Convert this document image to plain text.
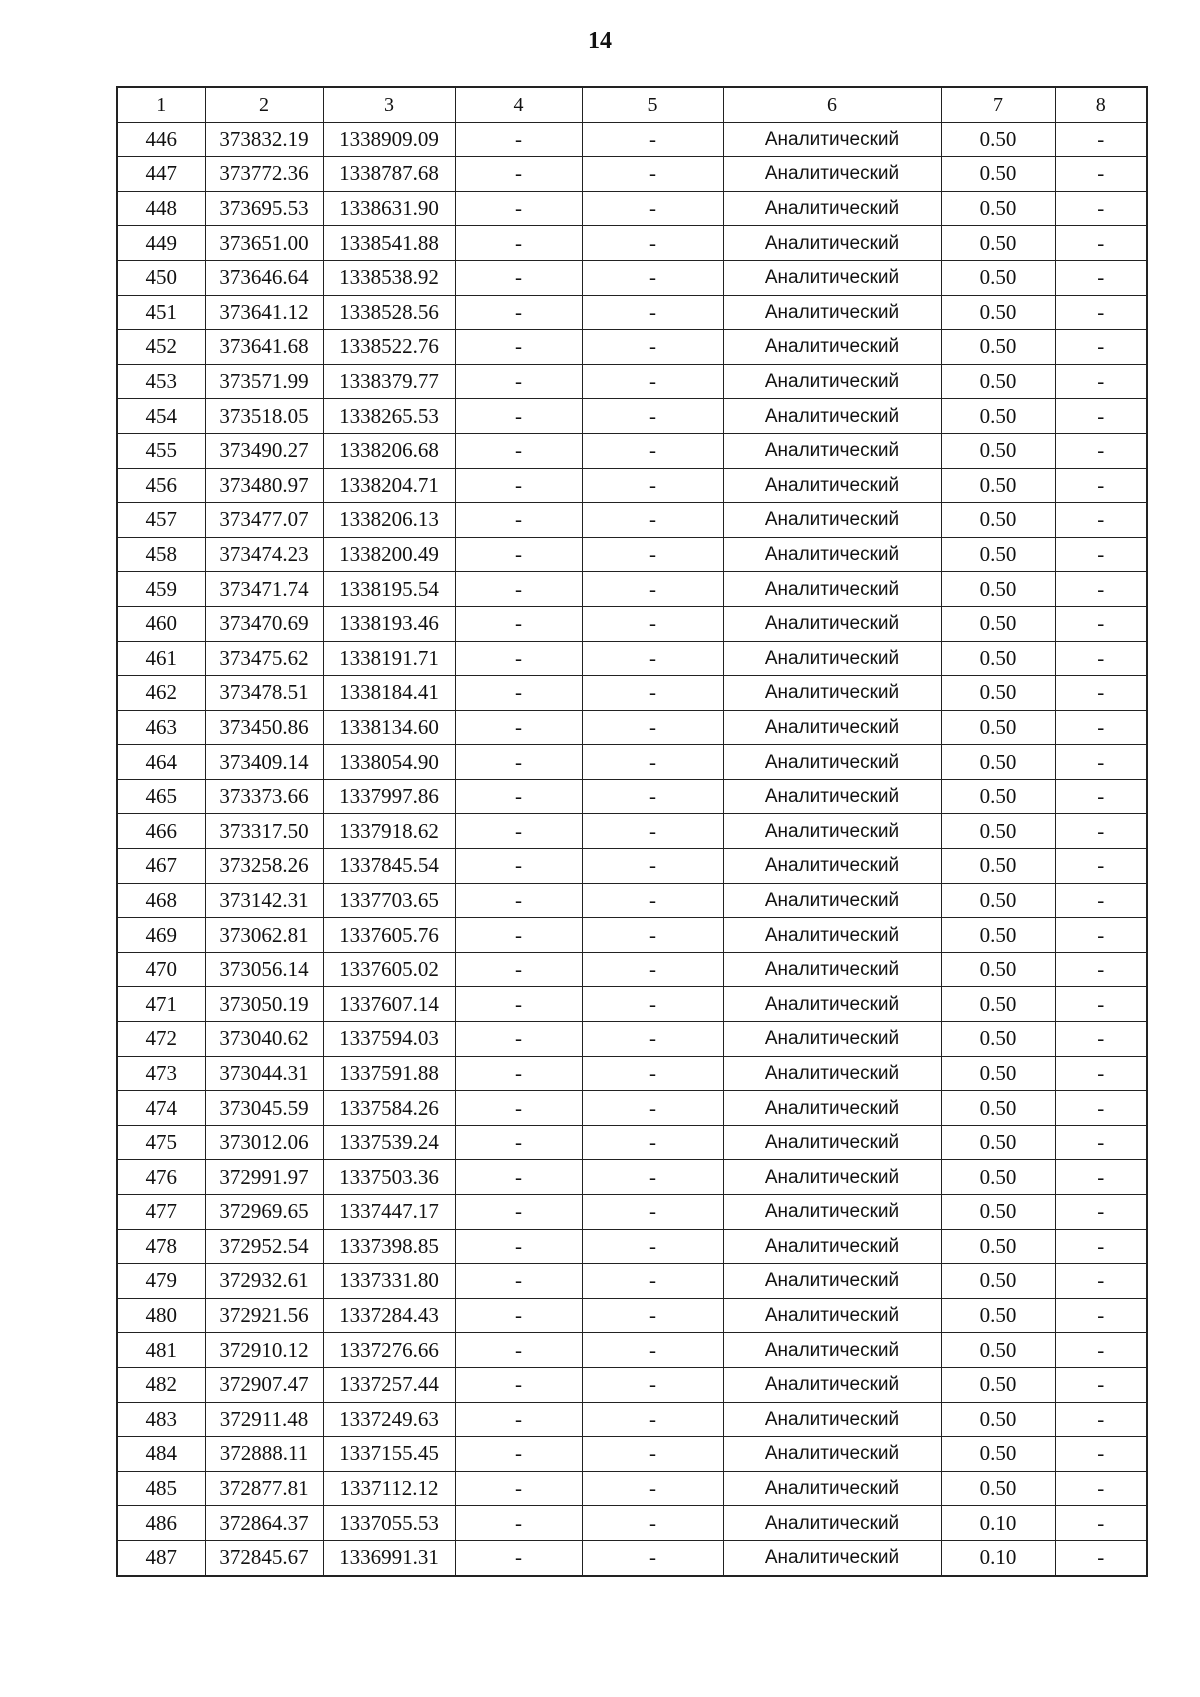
14
1	2	3	4	5	6	7	8
446	373832.19	1338909.09	-	-	Аналитический	0.50	-
447	373772.36	1338787.68	-	-	Аналитический	0.50	-
448	373695.53	1338631.90	-	-	Аналитический	0.50	-
449	373651.00	1338541.88	-	-	Аналитический	0.50	-
450	373646.64	1338538.92	-	-	Аналитический	0.50	-
451	373641.12	1338528.56	-	-	Аналитический	0.50	-
452	373641.68	1338522.76	-	-	Аналитический	0.50	-
453	373571.99	1338379.77	-	-	Аналитический	0.50	-
454	373518.05	1338265.53	-	-	Аналитический	0.50	-
455	373490.27	1338206.68	-	-	Аналитический	0.50	-
456	373480.97	1338204.71	-	-	Аналитический	0.50	-
457	373477.07	1338206.13	-	-	Аналитический	0.50	-
458	373474.23	1338200.49	-	-	Аналитический	0.50	-
459	373471.74	1338195.54	-	-	Аналитический	0.50	-
460	373470.69	1338193.46	-	-	Аналитический	0.50	-
461	373475.62	1338191.71	-	-	Аналитический	0.50	-
462	373478.51	1338184.41	-	-	Аналитический	0.50	-
463	373450.86	1338134.60	-	-	Аналитический	0.50	-
464	373409.14	1338054.90	-	-	Аналитический	0.50	-
465	373373.66	1337997.86	-	-	Аналитический	0.50	-
466	373317.50	1337918.62	-	-	Аналитический	0.50	-
467	373258.26	1337845.54	-	-	Аналитический	0.50	-
468	373142.31	1337703.65	-	-	Аналитический	0.50	-
469	373062.81	1337605.76	-	-	Аналитический	0.50	-
470	373056.14	1337605.02	-	-	Аналитический	0.50	-
471	373050.19	1337607.14	-	-	Аналитический	0.50	-
472	373040.62	1337594.03	-	-	Аналитический	0.50	-
473	373044.31	1337591.88	-	-	Аналитический	0.50	-
474	373045.59	1337584.26	-	-	Аналитический	0.50	-
475	373012.06	1337539.24	-	-	Аналитический	0.50	-
476	372991.97	1337503.36	-	-	Аналитический	0.50	-
477	372969.65	1337447.17	-	-	Аналитический	0.50	-
478	372952.54	1337398.85	-	-	Аналитический	0.50	-
479	372932.61	1337331.80	-	-	Аналитический	0.50	-
480	372921.56	1337284.43	-	-	Аналитический	0.50	-
481	372910.12	1337276.66	-	-	Аналитический	0.50	-
482	372907.47	1337257.44	-	-	Аналитический	0.50	-
483	372911.48	1337249.63	-	-	Аналитический	0.50	-
484	372888.11	1337155.45	-	-	Аналитический	0.50	-
485	372877.81	1337112.12	-	-	Аналитический	0.50	-
486	372864.37	1337055.53	-	-	Аналитический	0.10	-
487	372845.67	1336991.31	-	-	Аналитический	0.10	-
